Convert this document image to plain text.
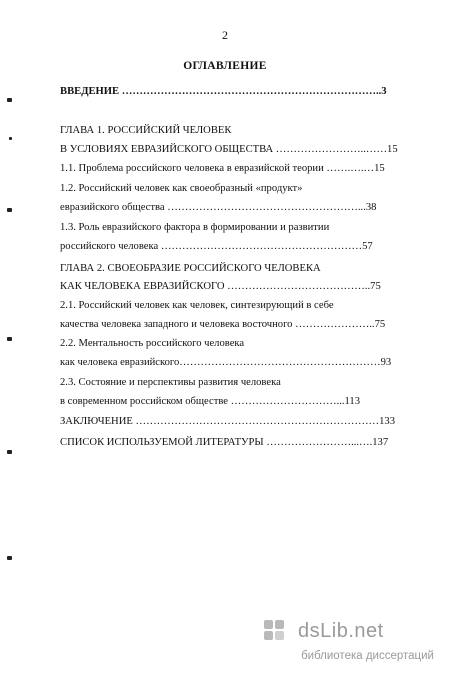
2
ОГЛАВЛЕНИЕ
ВВЕДЕНИЕ ………………………………………………………………..3
ГЛАВА 1. РОССИЙСКИЙ ЧЕЛОВЕК
В УСЛОВИЯХ ЕВРАЗИЙСКОГО ОБЩЕСТВА ……………………..……15
1.1. Проблема российского человека в евразийской теории …….….…15
1.2. Российский человек как своеобразный «продукт»
евразийского общества ………………………………………………...38
1.3. Роль евразийского фактора в формировании и развитии
российского человека …………………………………………………57
ГЛАВА 2. СВОЕОБРАЗИЕ РОССИЙСКОГО ЧЕЛОВЕКА
КАК ЧЕЛОВЕКА ЕВРАЗИЙСКОГО …………………………………..75
2.1. Российский человек как человек, синтезирующий в себе
качества человека западного и человека восточного …………………..75
2.2. Ментальность российского человека
как человека евразийского…………………………………………………93
2.3. Состояние и перспективы развития человека
в современном российском обществе …………………………...113
ЗАКЛЮЧЕНИЕ ……………………………………………………………133
СПИСОК ИСПОЛЬЗУЕМОЙ ЛИТЕРАТУРЫ ……………………...….137
dsLib.net
библиотека диссертаций
